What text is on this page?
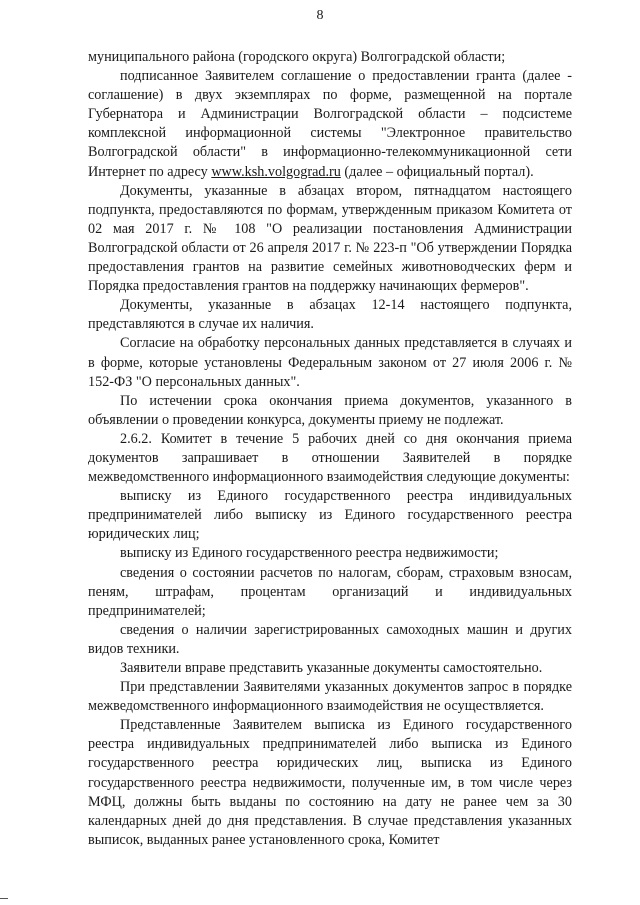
8

муниципального района (городского округа) Волгоградской области;

подписанное Заявителем соглашение о предоставлении гранта (далее - соглашение) в двух экземплярах по форме, размещенной на портале Губернатора и Администрации Волгоградской области – подсистеме комплексной информационной системы "Электронное правительство Волгоградской области" в информационно-телекоммуникационной сети Интернет по адресу www.ksh.volgograd.ru (далее – официальный портал).

Документы, указанные в абзацах втором, пятнадцатом настоящего подпункта, предоставляются по формам, утвержденным приказом Комитета от 02 мая 2017 г. № 108 "О реализации постановления Администрации Волгоградской области от 26 апреля 2017 г. № 223-п "Об утверждении Порядка предоставления грантов на развитие семейных животноводческих ферм и Порядка предоставления грантов на поддержку начинающих фермеров".

Документы, указанные в абзацах 12-14 настоящего подпункта, представляются в случае их наличия.

Согласие на обработку персональных данных представляется в случаях и в форме, которые установлены Федеральным законом от 27 июля 2006 г. № 152-ФЗ "О персональных данных".

По истечении срока окончания приема документов, указанного в объявлении о проведении конкурса, документы приему не подлежат.

2.6.2. Комитет в течение 5 рабочих дней со дня окончания приема документов запрашивает в отношении Заявителей в порядке межведомственного информационного взаимодействия следующие документы:

выписку из Единого государственного реестра индивидуальных предпринимателей либо выписку из Единого государственного реестра юридических лиц;

выписку из Единого государственного реестра недвижимости;

сведения о состоянии расчетов по налогам, сборам, страховым взносам, пеням, штрафам, процентам организаций и индивидуальных предпринимателей;

сведения о наличии зарегистрированных самоходных машин и других видов техники.

Заявители вправе представить указанные документы самостоятельно.

При представлении Заявителями указанных документов запрос в порядке межведомственного информационного взаимодействия не осуществляется.

Представленные Заявителем выписка из Единого государственного реестра индивидуальных предпринимателей либо выписка из Единого государственного реестра юридических лиц, выписка из Единого государственного реестра недвижимости, полученные им, в том числе через МФЦ, должны быть выданы по состоянию на дату не ранее чем за 30 календарных дней до дня представления. В случае представления указанных выписок, выданных ранее установленного срока, Комитет
